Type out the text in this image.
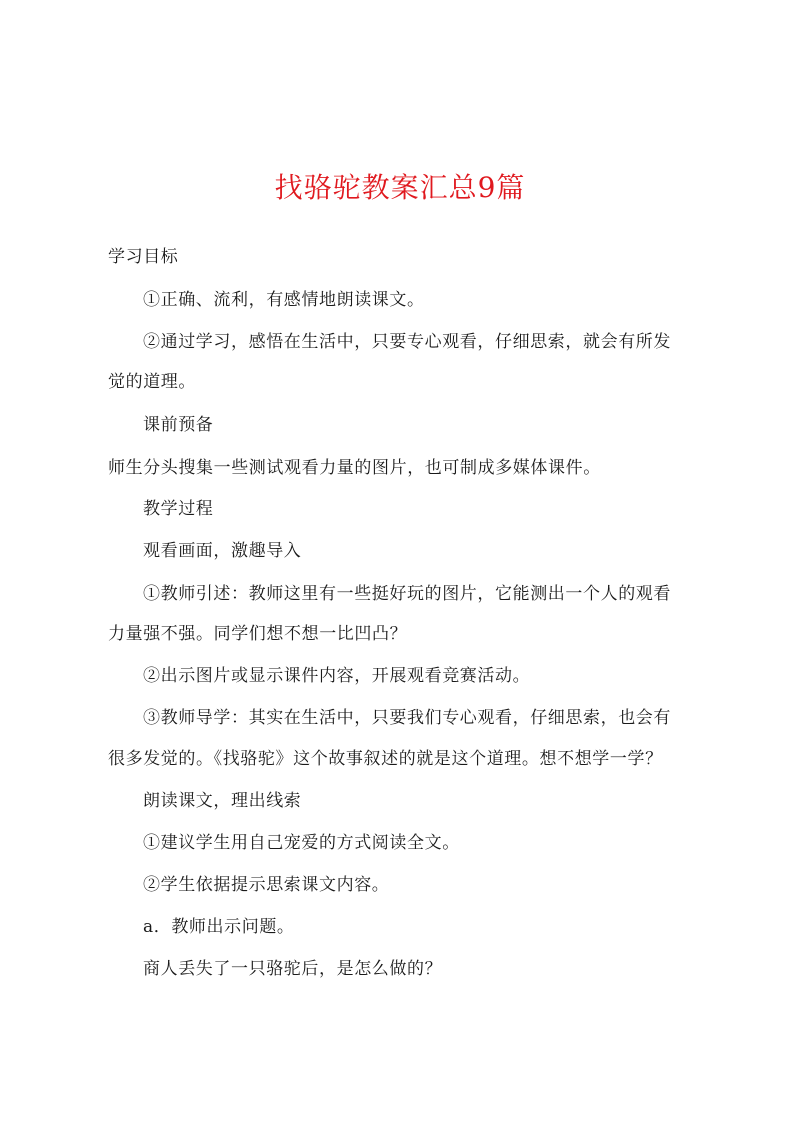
找骆驼教案汇总9篇
学习目标
①正确、流利，有感情地朗读课文。
②通过学习，感悟在生活中，只要专心观看，仔细思索，就会有所发
觉的道理。
课前预备
师生分头搜集一些测试观看力量的图片，也可制成多媒体课件。
教学过程
观看画面，激趣导入
①教师引述：教师这里有一些挺好玩的图片，它能测出一个人的观看
力量强不强。同学们想不想一比凹凸？
②出示图片或显示课件内容，开展观看竞赛活动。
③教师导学：其实在生活中，只要我们专心观看，仔细思索，也会有
很多发觉的。《找骆驼》这个故事叙述的就是这个道理。想不想学一学？
朗读课文，理出线索
①建议学生用自己宠爱的方式阅读全文。
②学生依据提示思索课文内容。
a．教师出示问题。
商人丢失了一只骆驼后，是怎么做的？
